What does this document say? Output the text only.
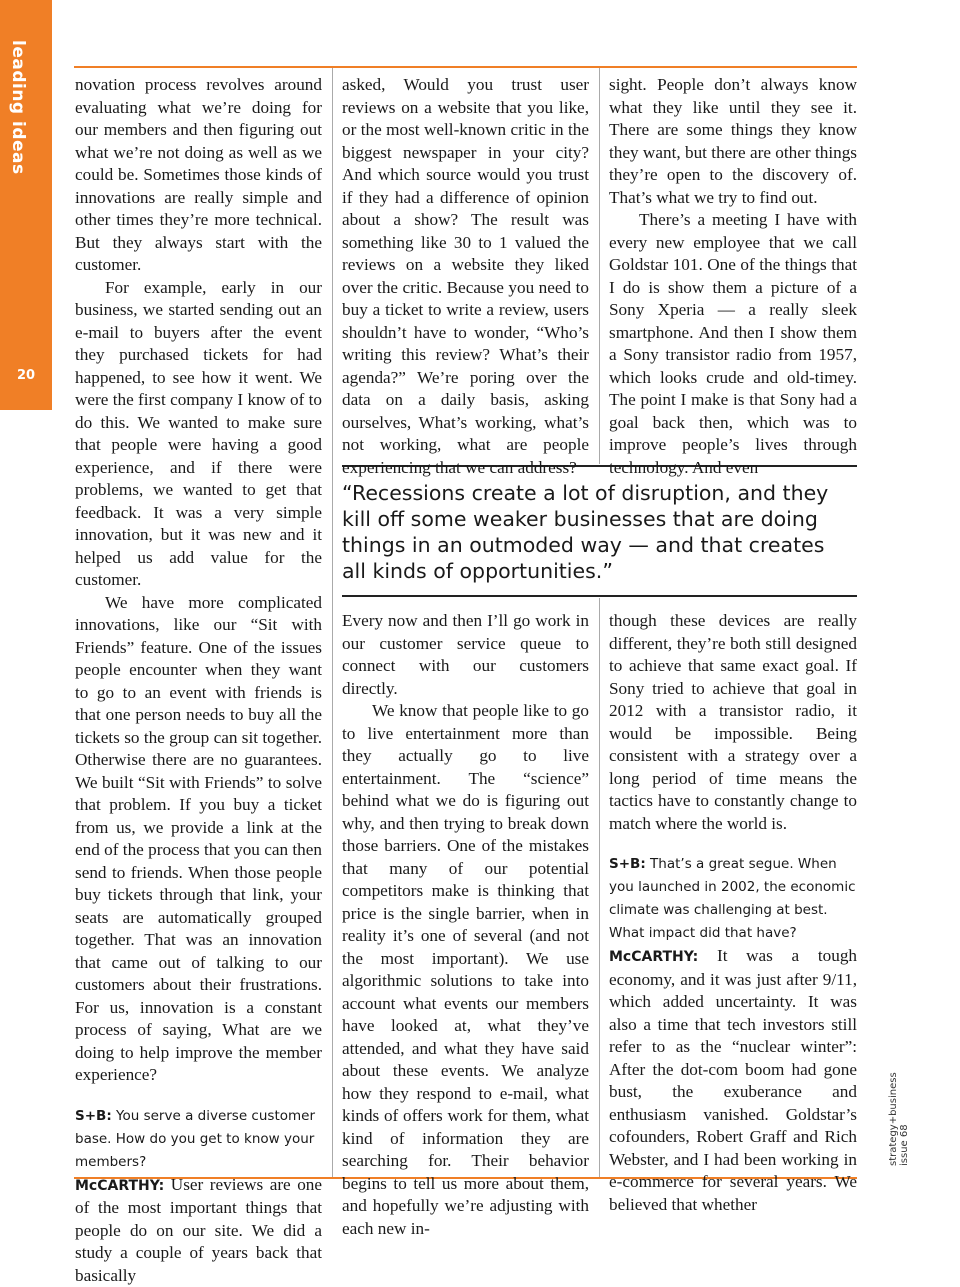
leading ideas
20

novation process revolves around evaluating what we’re doing for our members and then figuring out what we’re not doing as well as we could be. Sometimes those kinds of innovations are really simple and other times they’re more technical. But they always start with the customer.

For example, early in our business, we started sending out an e-mail to buyers after the event they purchased tickets for had happened, to see how it went. We were the first company I know of to do this. We wanted to make sure that people were having a good experience, and if there were problems, we wanted to get that feedback. It was a very simple innovation, but it was new and it helped us add value for the customer.

We have more complicated innovations, like our “Sit with Friends” feature. One of the issues people encounter when they want to go to an event with friends is that one person needs to buy all the tickets so the group can sit together. Otherwise there are no guarantees. We built “Sit with Friends” to solve that problem. If you buy a ticket from us, we provide a link at the end of the process that you can then send to friends. When those people buy tickets through that link, your seats are automatically grouped together. That was an innovation that came out of talking to our customers about their frustrations. For us, innovation is a constant process of saying, What are we doing to help improve the member experience?

S+B: You serve a diverse customer base. How do you get to know your members?

McCARTHY: User reviews are one of the most important things that people do on our site. We did a study a couple of years back that basically

asked, Would you trust user reviews on a website that you like, or the most well-known critic in the biggest newspaper in your city? And which source would you trust if they had a difference of opinion about a show? The result was something like 30 to 1 valued the reviews on a website they liked over the critic. Because you need to buy a ticket to write a review, users shouldn’t have to wonder, “Who’s writing this review? What’s their agenda?” We’re poring over the data on a daily basis, asking ourselves, What’s working, what’s not working, what are people experiencing that we can address?

sight. People don’t always know what they like until they see it. There are some things they know they want, but there are other things they’re open to the discovery of. That’s what we try to find out.

There’s a meeting I have with every new employee that we call Goldstar 101. One of the things that I do is show them a picture of a Sony Xperia — a really sleek smartphone. And then I show them a Sony transistor radio from 1957, which looks crude and old-timey. The point I make is that Sony had a goal back then, which was to improve people’s lives through technology. And even

“Recessions create a lot of disruption, and they kill off some weaker businesses that are doing things in an outmoded way — and that creates all kinds of opportunities.”

Every now and then I’ll go work in our customer service queue to connect with our customers directly.

We know that people like to go to live entertainment more than they actually go to live entertainment. The “science” behind what we do is figuring out why, and then trying to break down those barriers. One of the mistakes that many of our potential competitors make is thinking that price is the single barrier, when in reality it’s one of several (and not the most important). We use algorithmic solutions to take into account what events our members have looked at, what they’ve attended, and what they have said about these events. We analyze how they respond to e-mail, what kinds of offers work for them, what kind of information they are searching for. Their behavior begins to tell us more about them, and hopefully we’re adjusting with each new in-

though these devices are really different, they’re both still designed to achieve that same exact goal. If Sony tried to achieve that goal in 2012 with a transistor radio, it would be impossible. Being consistent with a strategy over a long period of time means the tactics have to constantly change to match where the world is.

S+B: That’s a great segue. When you launched in 2002, the economic climate was challenging at best. What impact did that have?

McCARTHY: It was a tough economy, and it was just after 9/11, which added uncertainty. It was also a time that tech investors still refer to as the “nuclear winter”: After the dot-com boom had gone bust, the exuberance and enthusiasm vanished. Goldstar’s cofounders, Robert Graff and Rich Webster, and I had been working in e-commerce for several years. We believed that whether

strategy+business issue 68
